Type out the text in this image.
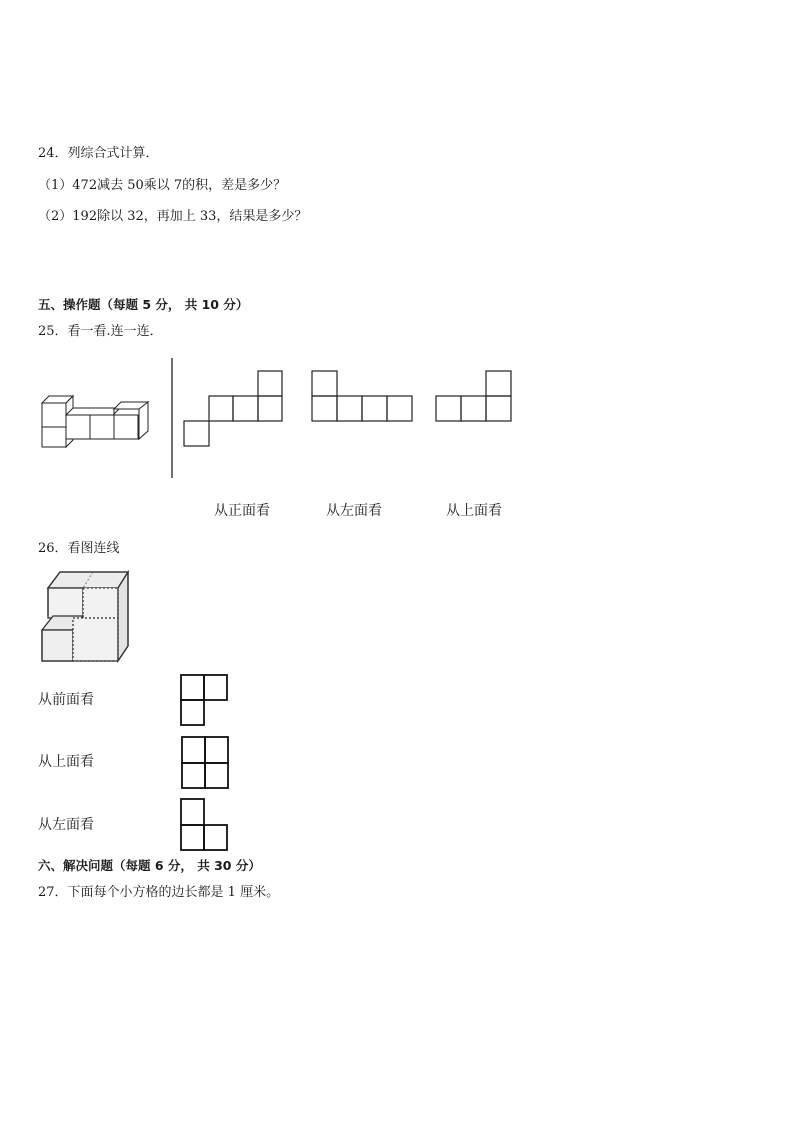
24．列综合式计算．
（1）472减去 50乘以 7的积，差是多少？
（2）192除以 32，再加上 33，结果是多少？
五、操作题（每题 5 分， 共 10 分）
25．看一看.连一连．
从正面看	从左面看	从上面看
26．看图连线
从前面看
从上面看
从左面看
六、解决问题（每题 6 分， 共 30 分）
27．下面每个小方格的边长都是 1 厘米。
